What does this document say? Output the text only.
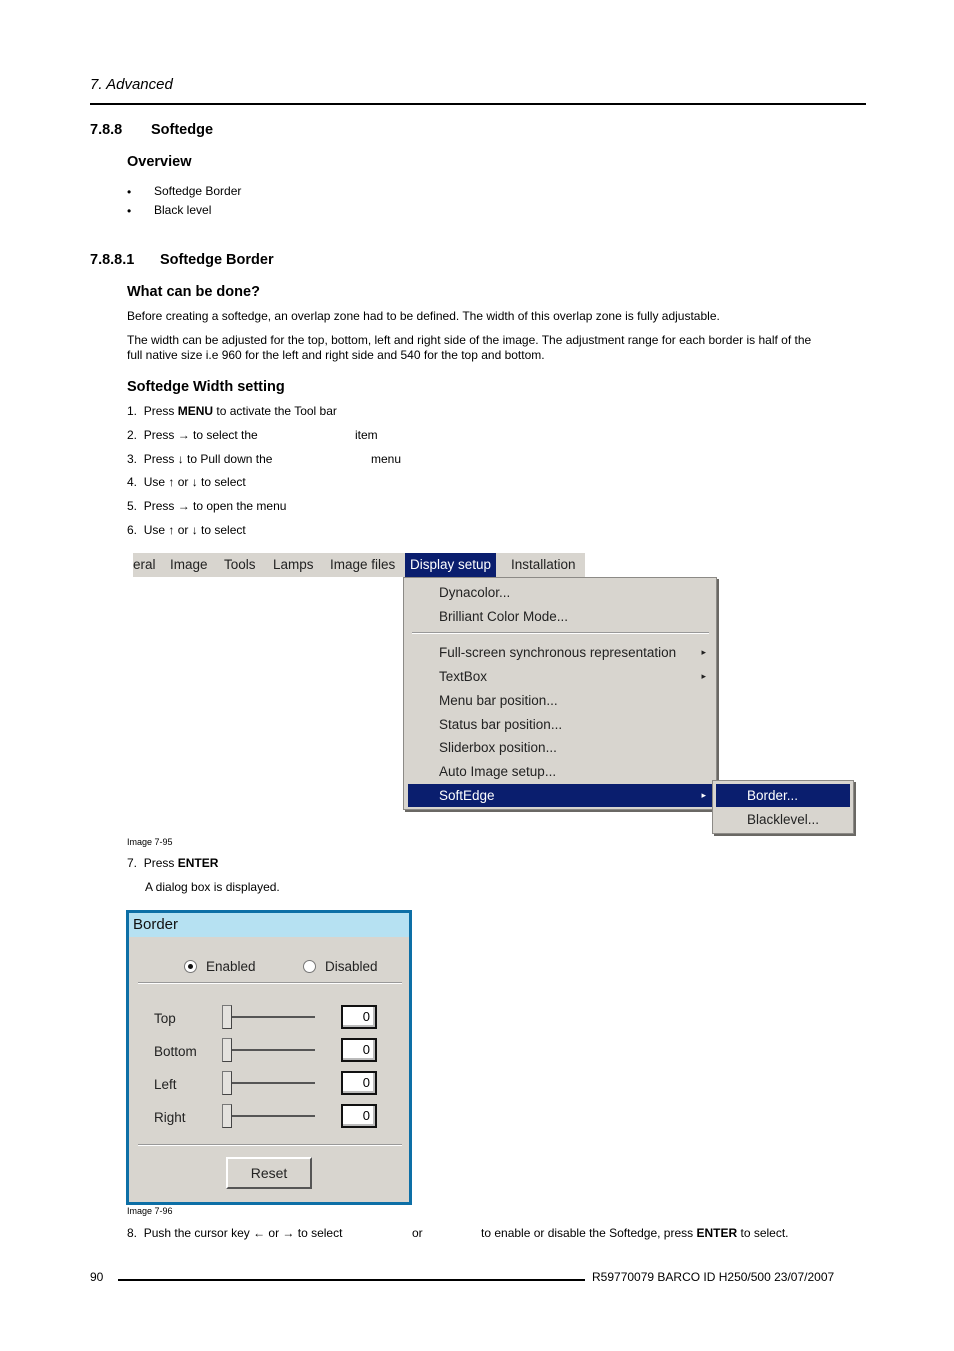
7. Advanced
7.8.8 Softedge
Overview
• Softedge Border
• Black level
7.8.8.1 Softedge Border
What can be done?
Before creating a softedge, an overlap zone had to be defined. The width of this overlap zone is fully adjustable.
The width can be adjusted for the top, bottom, left and right side of the image. The adjustment range for each border is half of the
full native size i.e 960 for the left and right side and 540 for the top and bottom.
Softedge Width setting
1. Press MENU to activate the Tool bar
2. Press → to select the	item
3. Press ↓ to Pull down the	menu
4. Use ↑ or ↓ to select
5. Press → to open the menu
6. Use ↑ or ↓ to select
eral Image Tools Lamps Image files	Display setup	Installation
Dynacolor...
Brilliant Color Mode...
Full-screen synchronous representation	▸
TextBox	▸
Menu bar position...
Status bar position...
Sliderbox position...
Auto Image setup...
SoftEdge	▸	Border...
Blacklevel...
Image 7-95
7. Press ENTER
A dialog box is displayed.
Border
Enabled	Disabled
Top	0
Bottom	0
Left	0
Right	0
Reset
Image 7-96
8. Push the cursor key ← or → to select	or	to enable or disable the Softedge, press ENTER to select.
90	R59770079 BARCO ID H250/500 23/07/2007
